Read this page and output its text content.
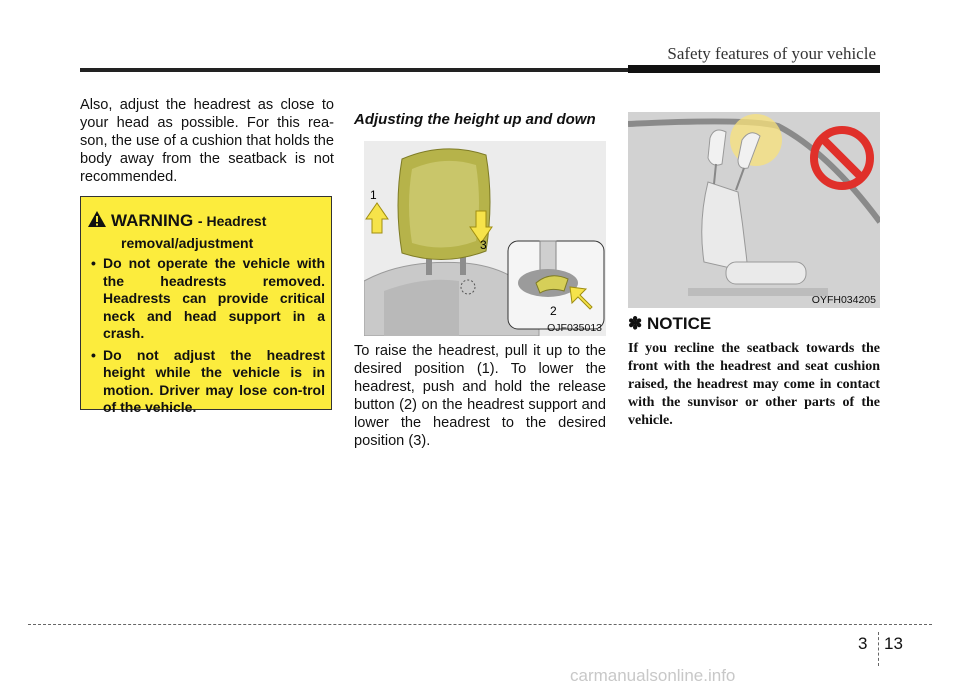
Safety features of your vehicle
Also, adjust the headrest as close to your head as possible. For this rea-son, the use of a cushion that holds the body away from the seatback is not recommended.
WARNING - Headrest
removal/adjustment
• Do not operate the vehicle with the headrests removed. Headrests can provide critical neck and head support in a crash.
• Do not adjust the headrest height while the vehicle is in motion. Driver may lose con-trol of the vehicle.
Adjusting the height up and down
1
3
2
OJF035013
To raise the headrest, pull it up to the desired position (1). To lower the headrest, push and hold the release button (2) on the headrest support and lower the headrest to the desired position (3).
OYFH034205
✽ NOTICE
If you recline the seatback towards the front with the headrest and seat cushion raised, the headrest may come in contact with the sunvisor or other parts of the vehicle.
3 13
carmanualsonline.info
